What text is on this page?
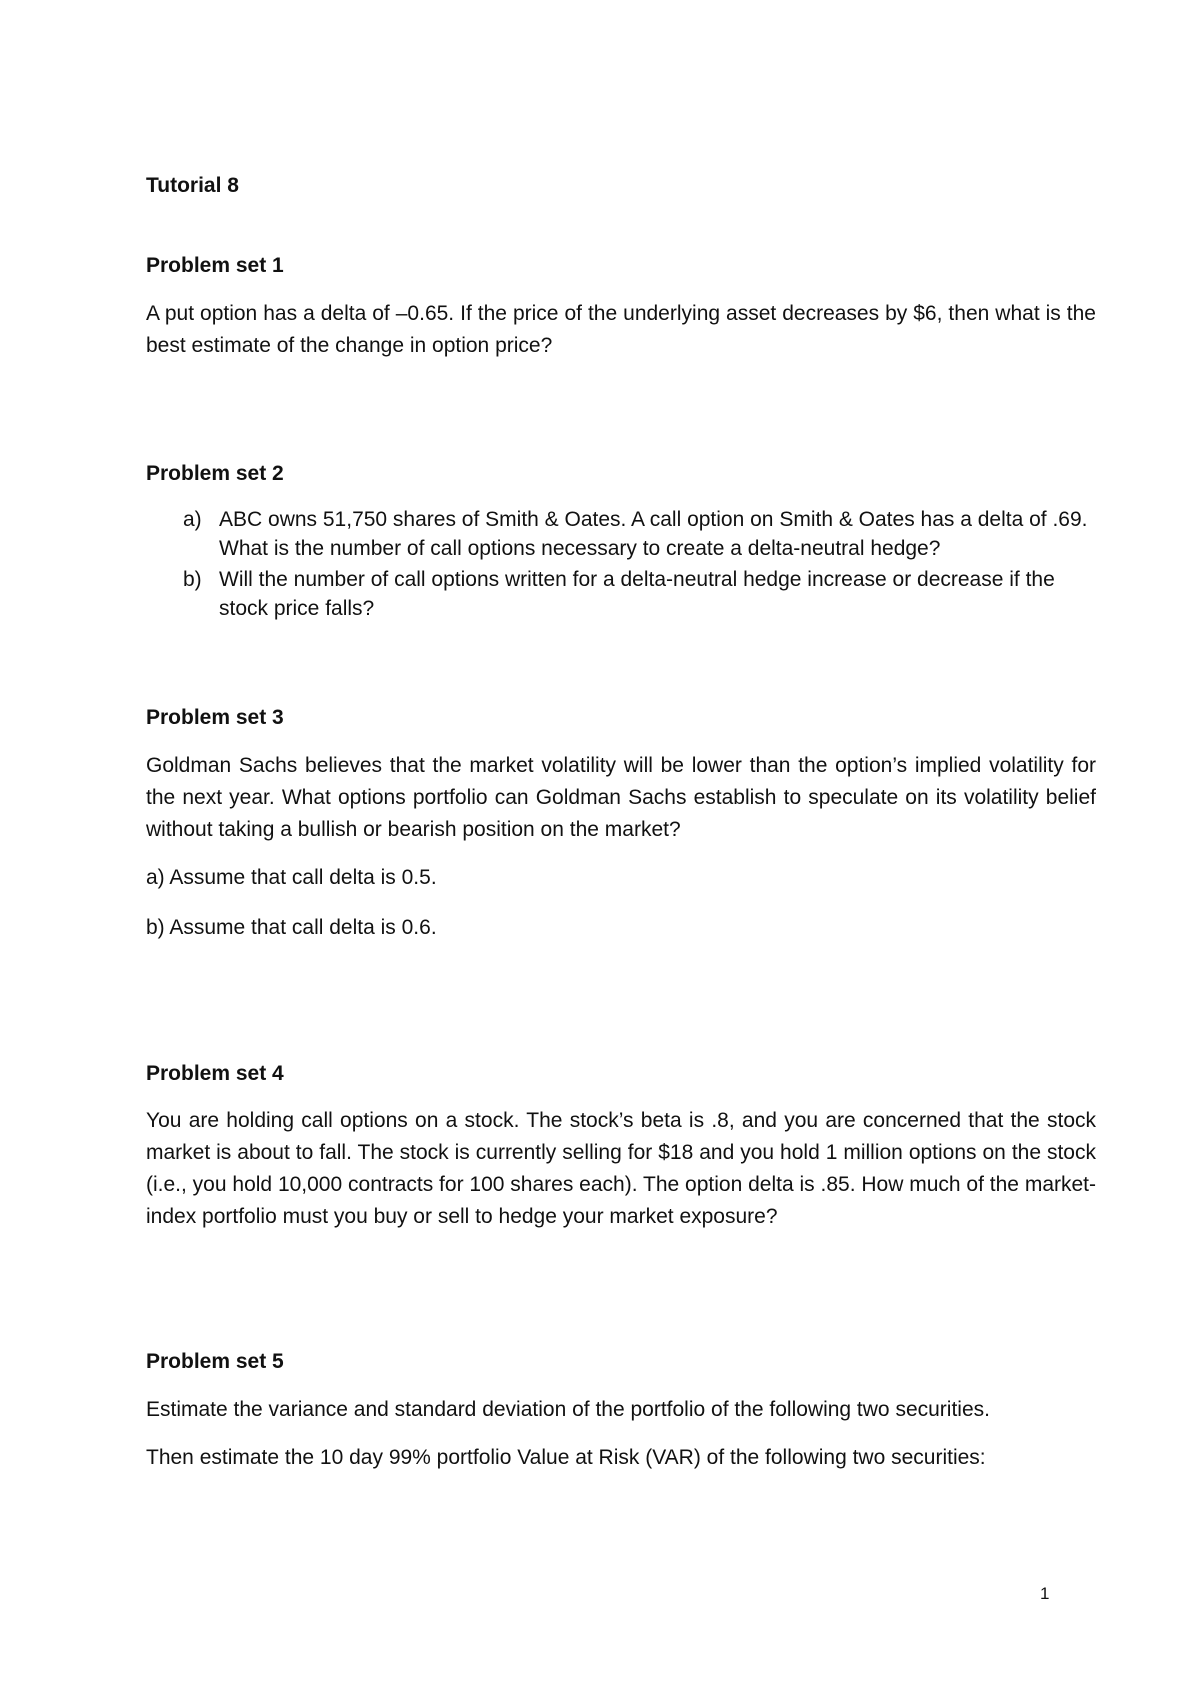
Tutorial 8
Problem set 1
A put option has a delta of –0.65. If the price of the underlying asset decreases by $6, then what is the best estimate of the change in option price?
Problem set 2
a) ABC owns 51,750 shares of Smith & Oates. A call option on Smith & Oates has a delta of .69. What is the number of call options necessary to create a delta-neutral hedge?
b) Will the number of call options written for a delta-neutral hedge increase or decrease if the stock price falls?
Problem set 3
Goldman Sachs believes that the market volatility will be lower than the option’s implied volatility for the next year. What options portfolio can Goldman Sachs establish to speculate on its volatility belief without taking a bullish or bearish position on the market?
a) Assume that call delta is 0.5.
b) Assume that call delta is 0.6.
Problem set 4
You are holding call options on a stock. The stock’s beta is .8, and you are concerned that the stock market is about to fall. The stock is currently selling for $18 and you hold 1 million options on the stock (i.e., you hold 10,000 contracts for 100 shares each). The option delta is .85. How much of the market-index portfolio must you buy or sell to hedge your market exposure?
Problem set 5
Estimate the variance and standard deviation of the portfolio of the following two securities.
Then estimate the 10 day 99% portfolio Value at Risk (VAR) of the following two securities:
1
